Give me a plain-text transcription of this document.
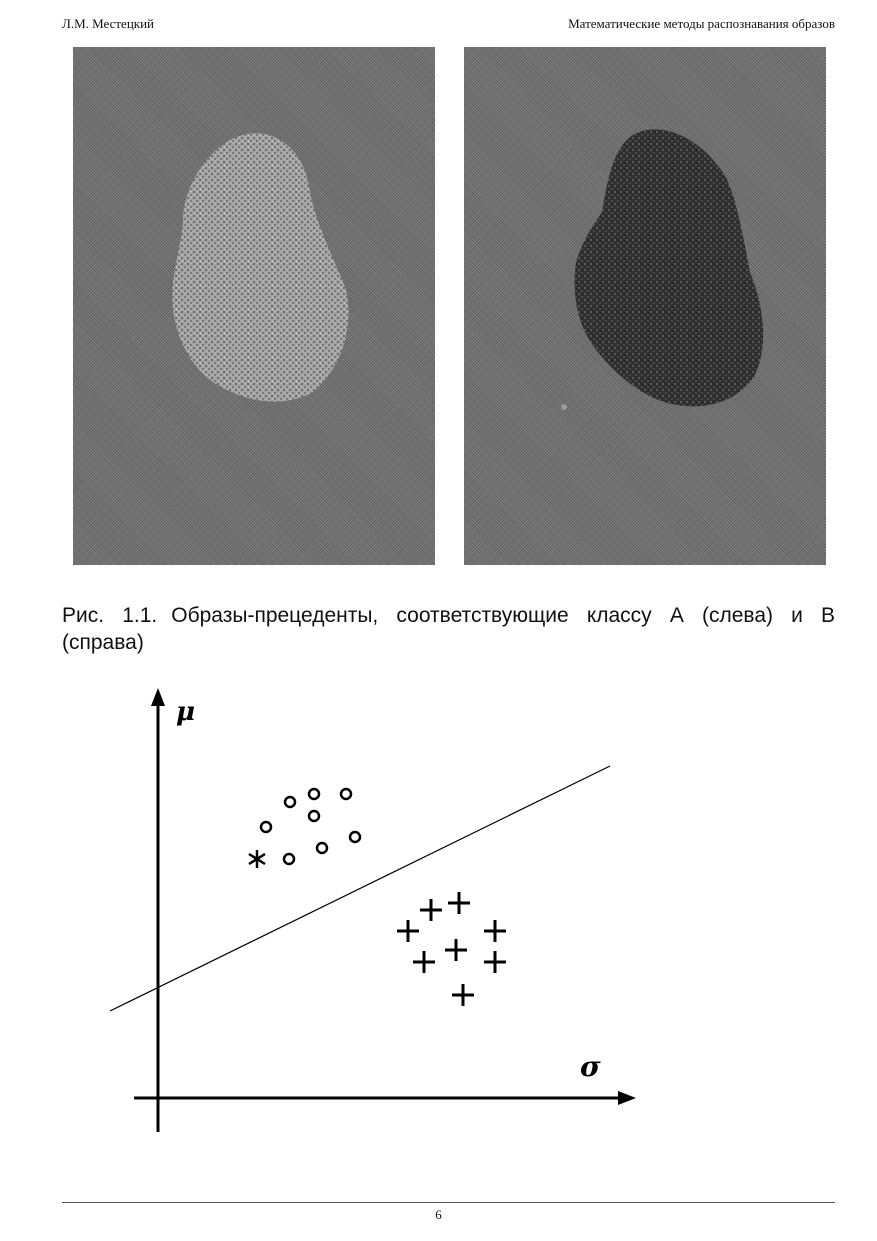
Л.М. Местецкий	Математические методы распознавания образов
Рис. 1.1. Образы-прецеденты, соответствующие классу А (слева) и В (справа)
μ
σ
6
